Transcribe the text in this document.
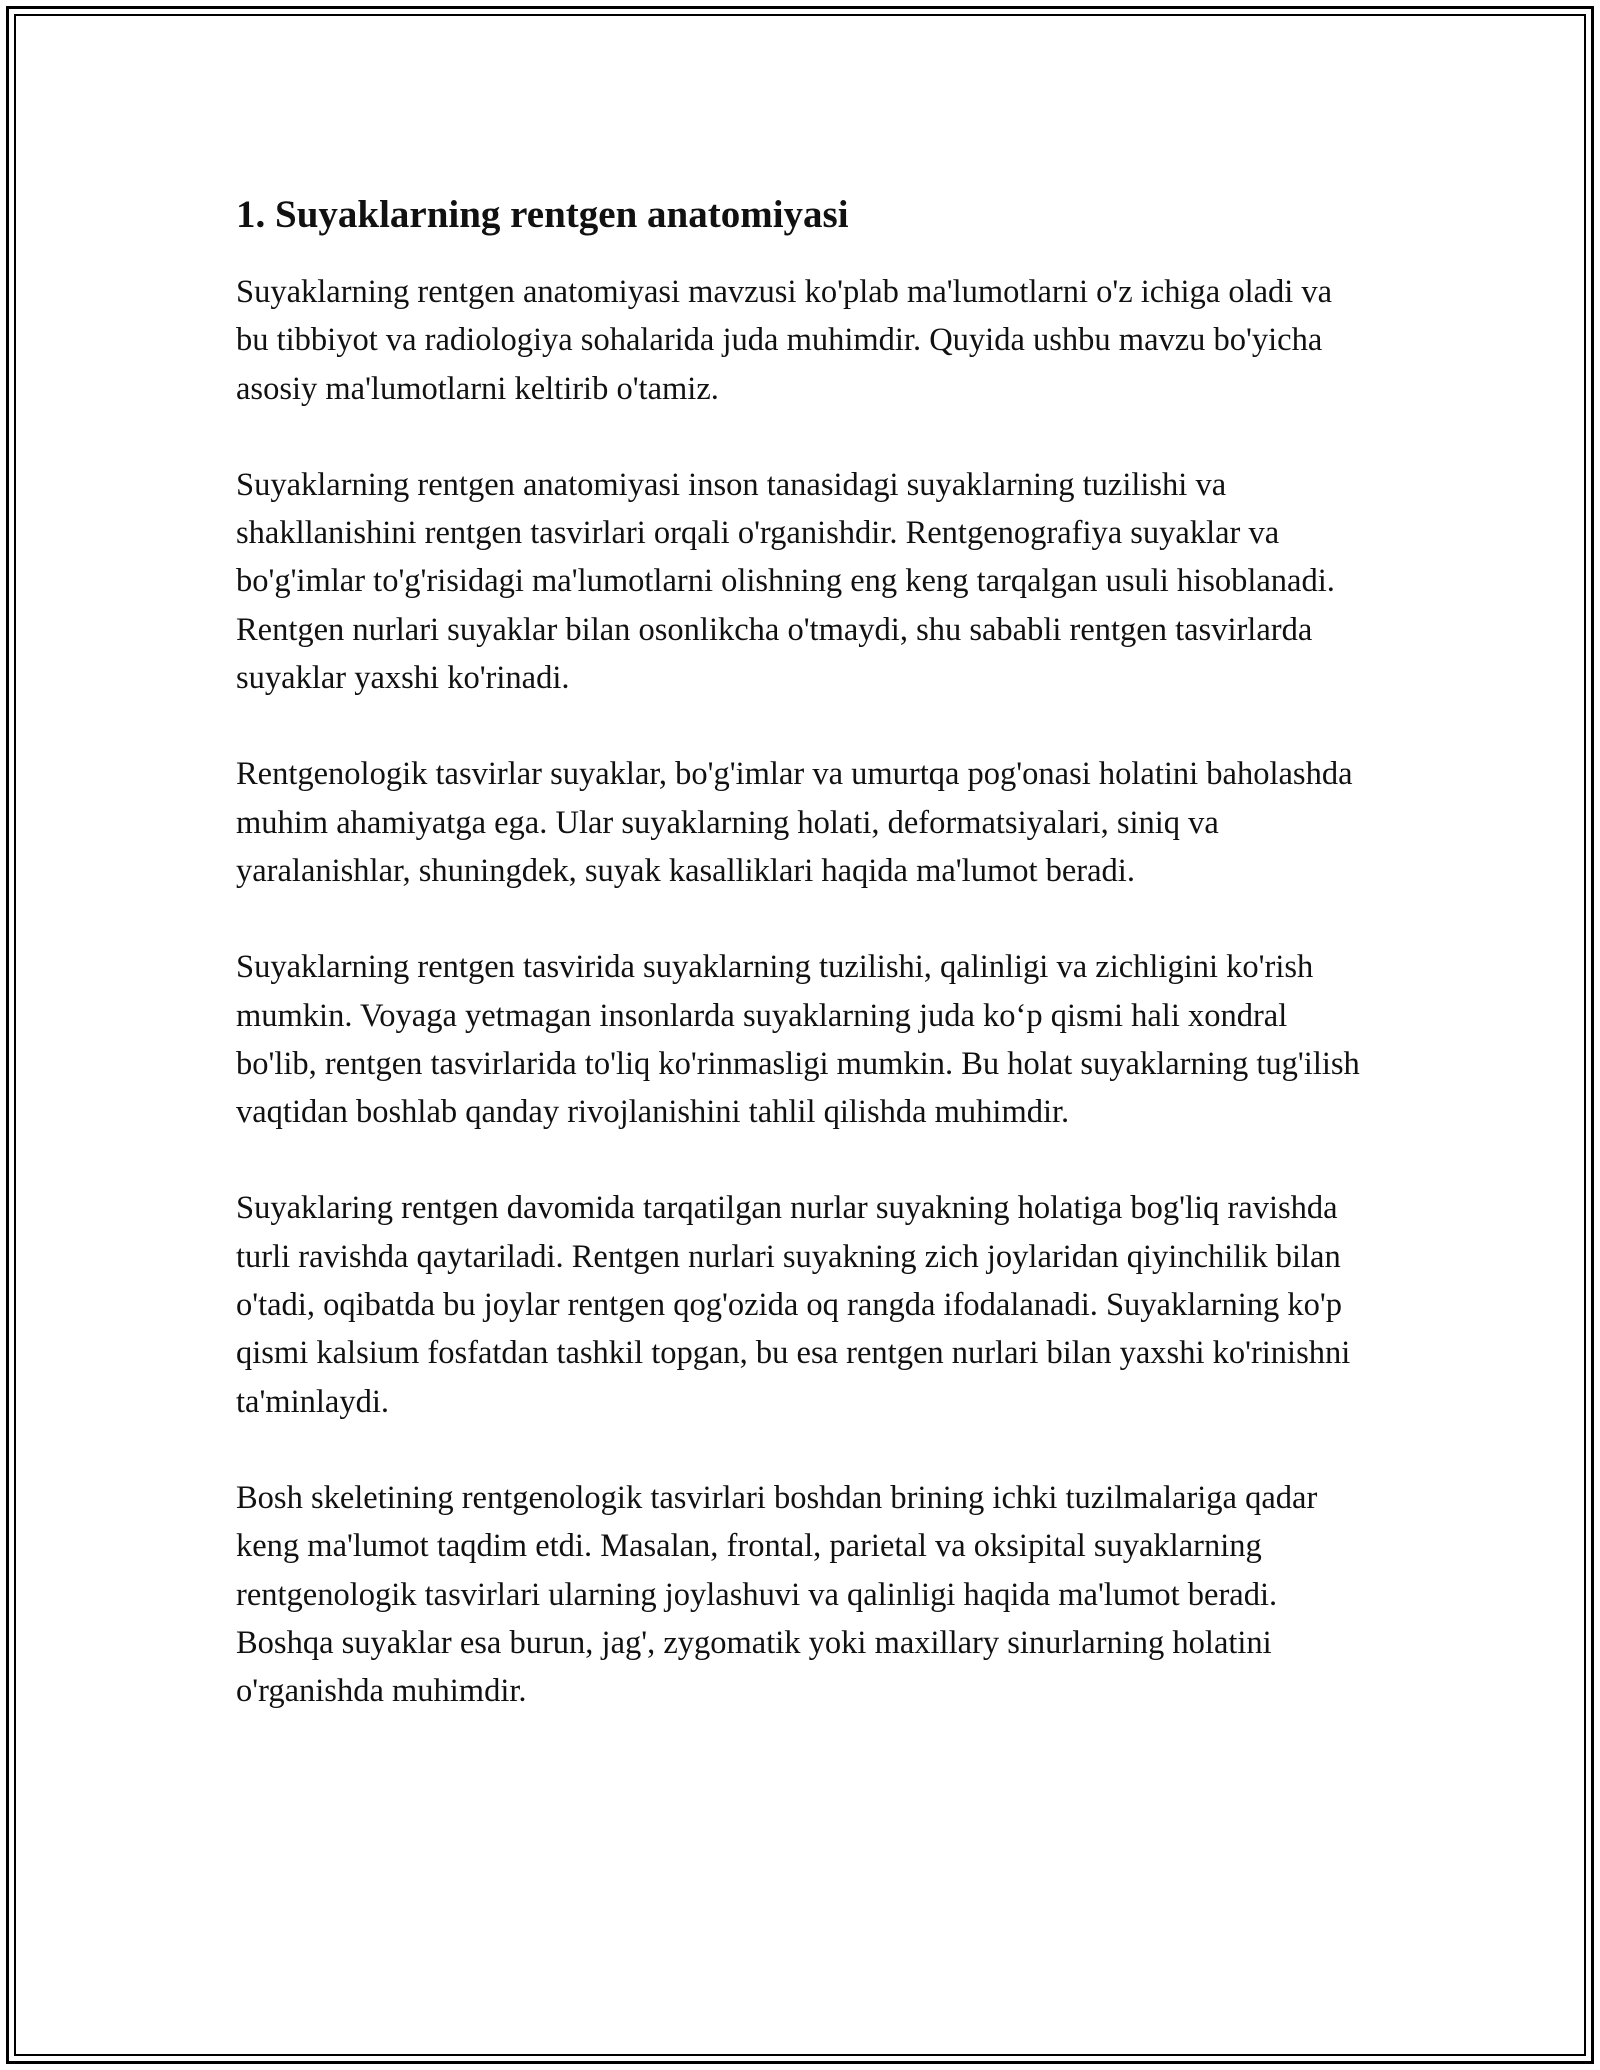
1. Suyaklarning rentgen anatomiyasi

Suyaklarning rentgen anatomiyasi mavzusi ko'plab ma'lumotlarni o'z ichiga oladi va bu tibbiyot va radiologiya sohalarida juda muhimdir. Quyida ushbu mavzu bo'yicha asosiy ma'lumotlarni keltirib o'tamiz.

Suyaklarning rentgen anatomiyasi inson tanasidagi suyaklarning tuzilishi va shakllanishini rentgen tasvirlari orqali o'rganishdir. Rentgenografiya suyaklar va bo'g'imlar to'g'risidagi ma'lumotlarni olishning eng keng tarqalgan usuli hisoblanadi. Rentgen nurlari suyaklar bilan osonlikcha o'tmaydi, shu sababli rentgen tasvirlarda suyaklar yaxshi ko'rinadi.

Rentgenologik tasvirlar suyaklar, bo'g'imlar va umurtqa pog'onasi holatini baholashda muhim ahamiyatga ega. Ular suyaklarning holati, deformatsiyalari, siniq va yaralanishlar, shuningdek, suyak kasalliklari haqida ma'lumot beradi.

Suyaklarning rentgen tasvirida suyaklarning tuzilishi, qalinligi va zichligini ko'rish mumkin. Voyaga yetmagan insonlarda suyaklarning juda ko‘p qismi hali xondral bo'lib, rentgen tasvirlarida to'liq ko'rinmasligi mumkin. Bu holat suyaklarning tug'ilish vaqtidan boshlab qanday rivojlanishini tahlil qilishda muhimdir.

Suyaklaring rentgen davomida tarqatilgan nurlar suyakning holatiga bog'liq ravishda turli ravishda qaytariladi. Rentgen nurlari suyakning zich joylaridan qiyinchilik bilan o'tadi, oqibatda bu joylar rentgen qog'ozida oq rangda ifodalanadi. Suyaklarning ko'p qismi kalsium fosfatdan tashkil topgan, bu esa rentgen nurlari bilan yaxshi ko'rinishni ta'minlaydi.

Bosh skeletining rentgenologik tasvirlari boshdan brining ichki tuzilmalariga qadar keng ma'lumot taqdim etdi. Masalan, frontal, parietal va oksipital suyaklarning rentgenologik tasvirlari ularning joylashuvi va qalinligi haqida ma'lumot beradi. Boshqa suyaklar esa burun, jag', zygomatik yoki maxillary sinurlarning holatini o'rganishda muhimdir.
